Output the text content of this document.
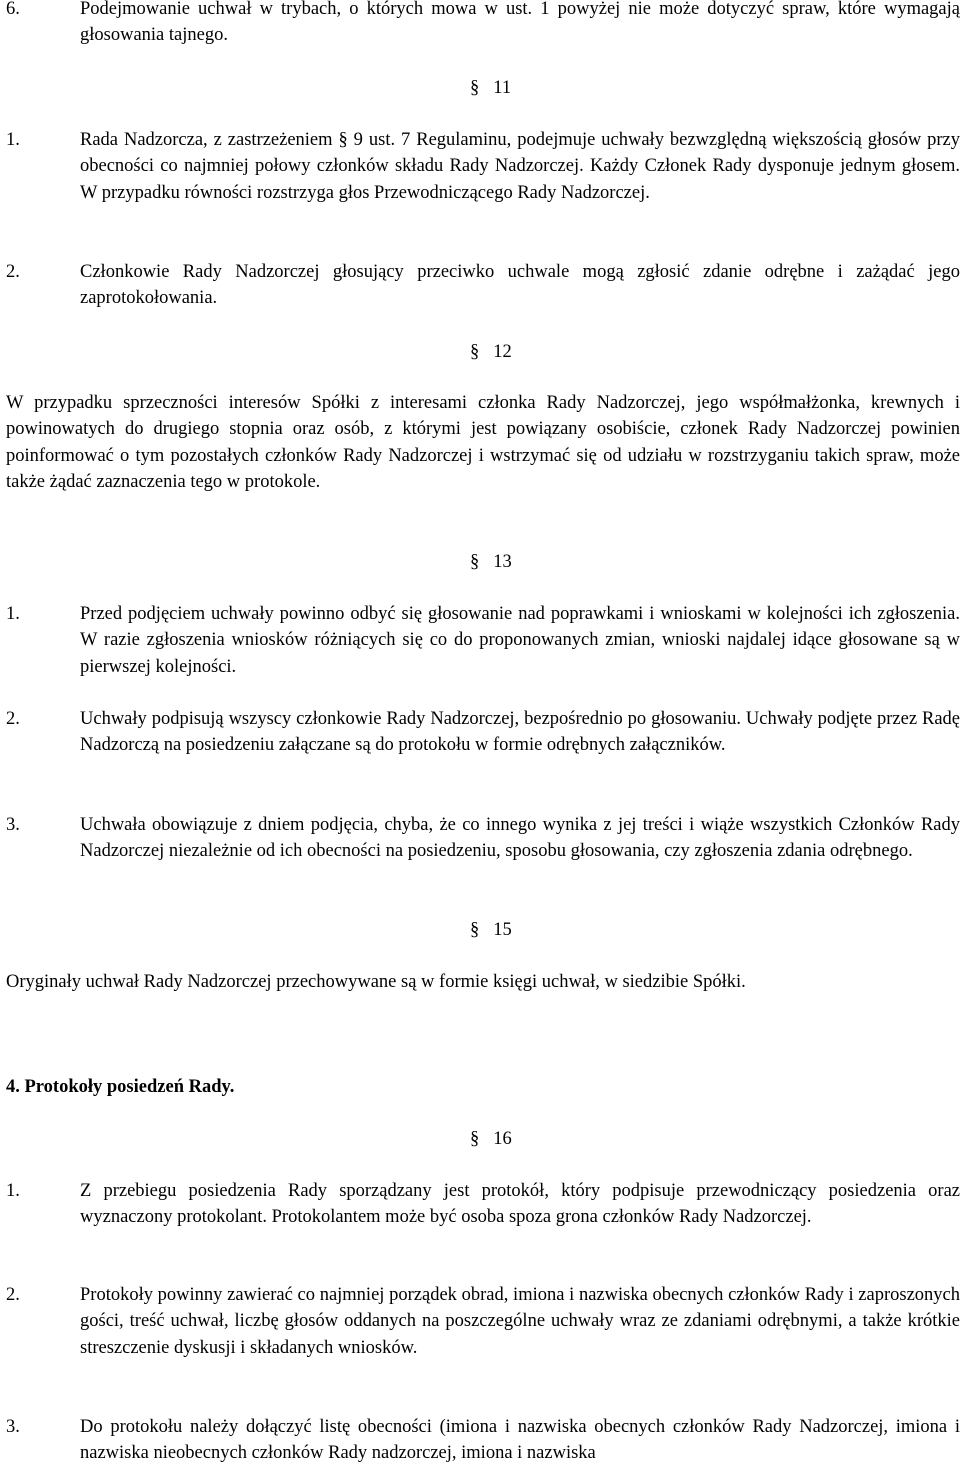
6.	Podejmowanie uchwał w trybach, o których mowa w ust. 1 powyżej nie może dotyczyć spraw, które wymagają głosowania tajnego.
§ 11
1.	Rada Nadzorcza, z zastrzeżeniem § 9 ust. 7 Regulaminu, podejmuje uchwały bezwzględną większością głosów przy obecności co najmniej połowy członków składu Rady Nadzorczej. Każdy Członek Rady dysponuje jednym głosem. W przypadku równości rozstrzyga głos Przewodniczącego Rady Nadzorczej.
2.	Członkowie Rady Nadzorczej głosujący przeciwko uchwale mogą zgłosić zdanie odrębne i zażądać jego zaprotokołowania.
§ 12
W przypadku sprzeczności interesów Spółki z interesami członka Rady Nadzorczej, jego współmałżonka, krewnych i powinowatych do drugiego stopnia oraz osób, z którymi jest powiązany osobiście, członek Rady Nadzorczej powinien poinformować o tym pozostałych członków Rady Nadzorczej i wstrzymać się od udziału w rozstrzyganiu takich spraw, może także żądać zaznaczenia tego w protokole.
§ 13
1.	Przed podjęciem uchwały powinno odbyć się głosowanie nad poprawkami i wnioskami w kolejności ich zgłoszenia. W razie zgłoszenia wniosków różniących się co do proponowanych zmian, wnioski najdalej idące głosowane są w pierwszej kolejności.
2.	Uchwały podpisują wszyscy członkowie Rady Nadzorczej, bezpośrednio po głosowaniu. Uchwały podjęte przez Radę Nadzorczą na posiedzeniu załączane są do protokołu w formie odrębnych załączników.
3.	Uchwała obowiązuje z dniem podjęcia, chyba, że co innego wynika z jej treści i wiąże wszystkich Członków Rady Nadzorczej niezależnie od ich obecności na posiedzeniu, sposobu głosowania, czy zgłoszenia zdania odrębnego.
§ 15
Oryginały uchwał Rady Nadzorczej przechowywane są w formie księgi uchwał, w siedzibie Spółki.
4. Protokoły posiedzeń Rady.
§ 16
1.	Z przebiegu posiedzenia Rady sporządzany jest protokół, który podpisuje przewodniczący posiedzenia oraz wyznaczony protokolant. Protokolantem może być osoba spoza grona członków Rady Nadzorczej.
2.	Protokoły powinny zawierać co najmniej porządek obrad, imiona i nazwiska obecnych członków Rady i zaproszonych gości, treść uchwał, liczbę głosów oddanych na poszczególne uchwały wraz ze zdaniami odrębnymi, a także krótkie streszczenie dyskusji i składanych wniosków.
3.	Do protokołu należy dołączyć listę obecności (imiona i nazwiska obecnych członków Rady Nadzorczej, imiona i nazwiska nieobecnych członków Rady nadzorczej, imiona i nazwiska
